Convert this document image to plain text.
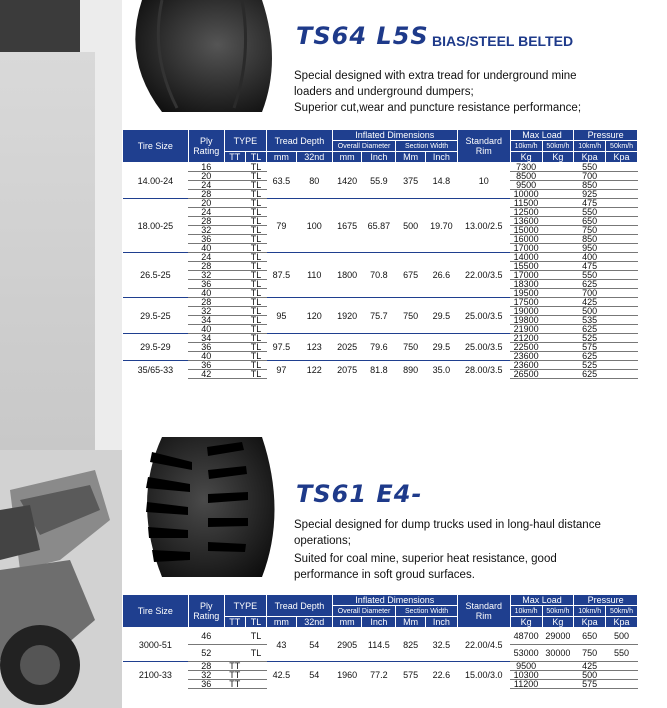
TS64 L5S BIAS/STEEL BELTED
Special designed with extra tread for underground mine
loaders and underground dumpers;
Superior cut,wear and puncture resistance performance;
Tire Size	Ply Rating	TYPE		Tread Depth		Inflated Dimensions				Standard Rim	Max Load		Pressure	
						Overall Diameter		Section Width			10km/h	50km/h	10km/h	50km/h
		TT	TL	mm	32nd	mm	Inch	Mm	Inch		Kg	Kg	Kpa	Kpa
14.00-24	16		TL	63.5	80	1420	55.9	375	14.8	10	7300		550	
	20		TL								8500		700	
	24		TL								9500		850	
	28		TL								10000		925	
18.00-25	20		TL	79	100	1675	65.87	500	19.70	13.00/2.5	11500		475	
	24		TL								12500		550	
	28		TL								13600		650	
	32		TL								15000		750	
	36		TL								16000		850	
	40		TL								17000		950	
26.5-25	24		TL	87.5	110	1800	70.8	675	26.6	22.00/3.5	14000		400	
	28		TL								15500		475	
	32		TL								17000		550	
	36		TL								18300		625	
	40		TL								19500		700	
29.5-25	28		TL	95	120	1920	75.7	750	29.5	25.00/3.5	17500		425	
	32		TL								19000		500	
	34		TL								19800		535	
	40		TL								21900		625	
29.5-29	34		TL	97.5	123	2025	79.6	750	29.5	25.00/3.5	21200		525	
	36		TL								22500		575	
	40		TL								23600		625	
35/65-33	36		TL	97	122	2075	81.8	890	35.0	28.00/3.5	23600		525	
	42		TL								26500		625	
TS61 E4-
Special designed for dump trucks used in long-haul distance
operations;
Suited for coal mine, superior heat resistance, good
performance in soft groud surfaces.
Tire Size	Ply Rating	TYPE		Tread Depth		Inflated Dimensions				Standard Rim	Max Load		Pressure	
						Overall Diameter		Section Width			10km/h	50km/h	10km/h	50km/h
		TT	TL	mm	32nd	mm	Inch	Mm	Inch		Kg	Kg	Kpa	Kpa
3000-51	46		TL	43	54	2905	114.5	825	32.5	22.00/4.5	48700	29000	650	500
	52		TL								53000	30000	750	550
2100-33	28	TT		42.5	54	1960	77.2	575	22.6	15.00/3.0	9500		425	
	32	TT									10300		500	
	36	TT									11200		575	
